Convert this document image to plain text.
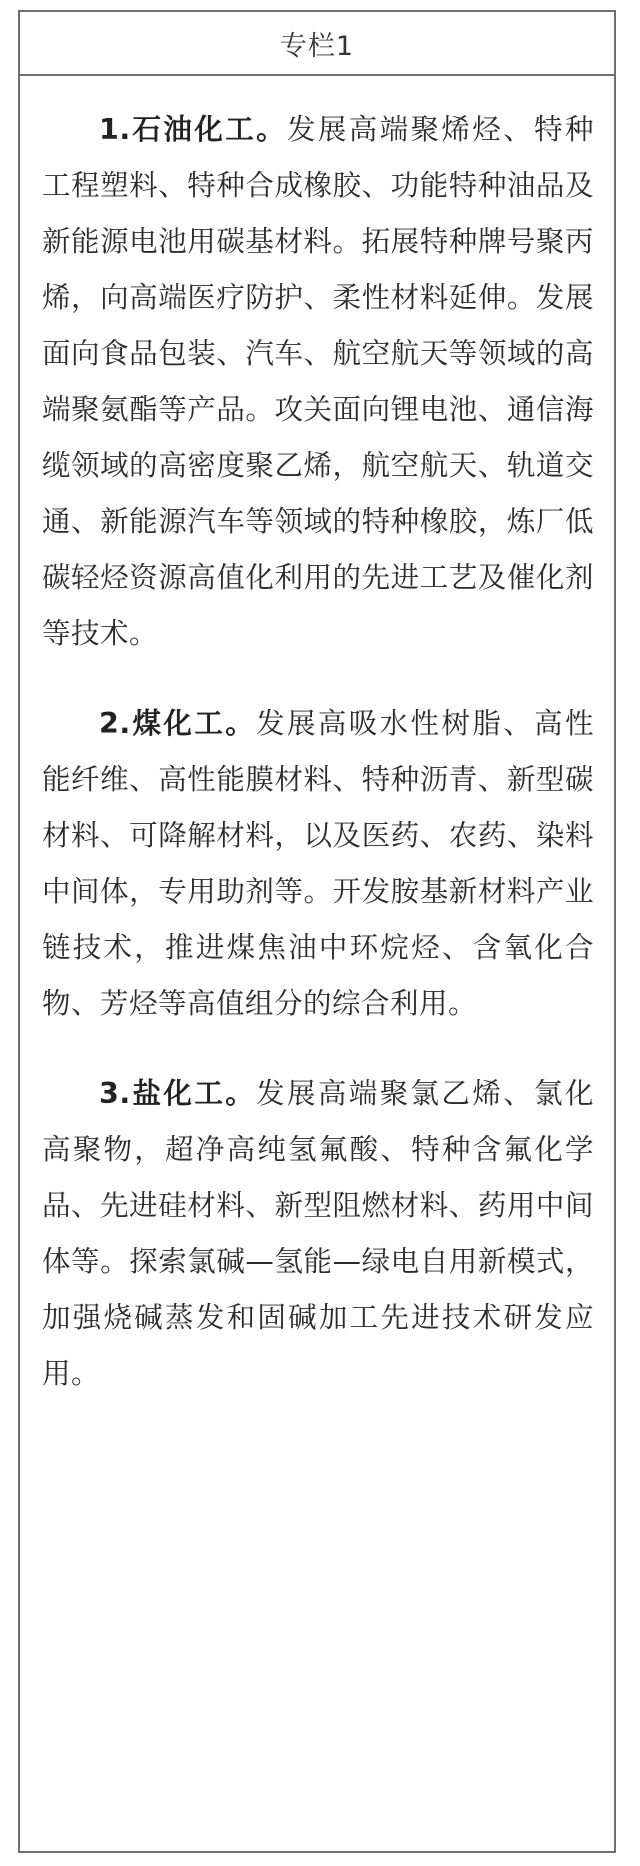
专栏1

1.石油化工。发展高端聚烯烃、特种工程塑料、特种合成橡胶、功能特种油品及新能源电池用碳基材料。拓展特种牌号聚丙烯，向高端医疗防护、柔性材料延伸。发展面向食品包装、汽车、航空航天等领域的高端聚氨酯等产品。攻关面向锂电池、通信海缆领域的高密度聚乙烯，航空航天、轨道交通、新能源汽车等领域的特种橡胶，炼厂低碳轻烃资源高值化利用的先进工艺及催化剂等技术。

2.煤化工。发展高吸水性树脂、高性能纤维、高性能膜材料、特种沥青、新型碳材料、可降解材料，以及医药、农药、染料中间体，专用助剂等。开发胺基新材料产业链技术，推进煤焦油中环烷烃、含氧化合物、芳烃等高值组分的综合利用。

3.盐化工。发展高端聚氯乙烯、氯化高聚物，超净高纯氢氟酸、特种含氟化学品、先进硅材料、新型阻燃材料、药用中间体等。探索氯碱—氢能—绿电自用新模式，加强烧碱蒸发和固碱加工先进技术研发应用。
